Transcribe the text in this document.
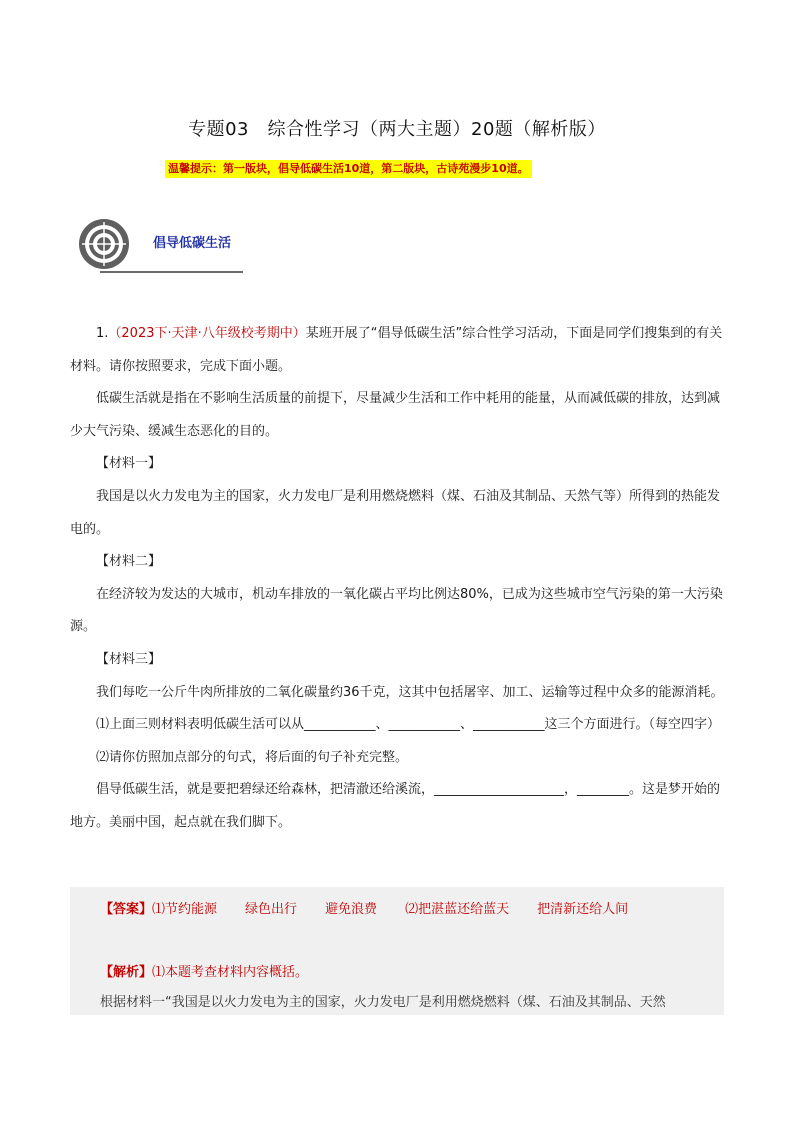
专题03　综合性学习（两大主题）20题（解析版）
温馨提示：第一版块，倡导低碳生活10道，第二版块，古诗苑漫步10道。
倡导低碳生活

1.（2023下·天津·八年级校考期中）某班开展了“倡导低碳生活”综合性学习活动，下面是同学们搜集到的有关材料。请你按照要求，完成下面小题。

低碳生活就是指在不影响生活质量的前提下，尽量减少生活和工作中耗用的能量，从而减低碳的排放，达到减少大气污染、缓减生态恶化的目的。

【材料一】

我国是以火力发电为主的国家，火力发电厂是利用燃烧燃料（煤、石油及其制品、天然气等）所得到的热能发电的。

【材料二】

在经济较为发达的大城市，机动车排放的一氧化碳占平均比例达80%，已成为这些城市空气污染的第一大污染源。

【材料三】

我们每吃一公斤牛肉所排放的二氧化碳量约36千克，这其中包括屠宰、加工、运输等过程中众多的能源消耗。

⑴上面三则材料表明低碳生活可以从___________、___________、___________这三个方面进行。（每空四字）

⑵请你仿照加点部分的句式，将后面的句子补充完整。

倡导低碳生活，就是要把碧绿还给森林，把清澈还给溪流，____________________，________。这是梦开始的地方。美丽中国，起点就在我们脚下。

【答案】⑴节约能源 绿色出行 避免浪费 ⑵把湛蓝还给蓝天 把清新还给人间
【解析】⑴本题考查材料内容概括。
根据材料一“我国是以火力发电为主的国家，火力发电厂是利用燃烧燃料（煤、石油及其制品、天然
